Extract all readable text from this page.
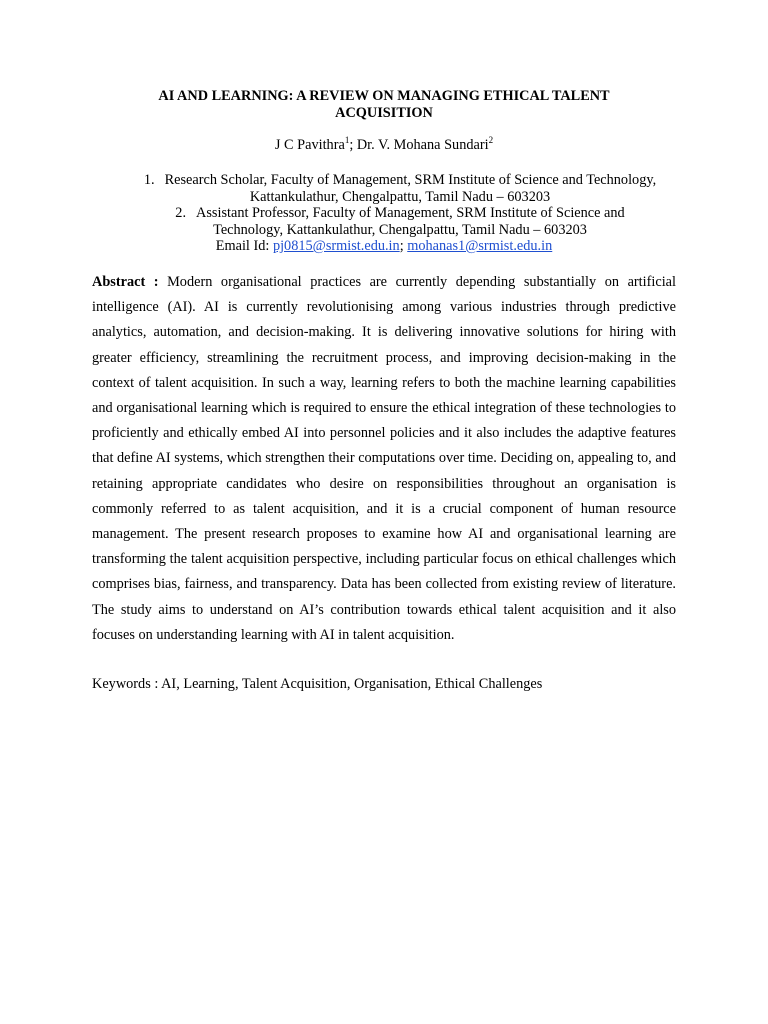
AI AND LEARNING: A REVIEW ON MANAGING ETHICAL TALENT
ACQUISITION
J C Pavithra$^1$; Dr. V. Mohana Sundari$^2$
1. Research Scholar, Faculty of Management, SRM Institute of Science and Technology,
Kattankulathur, Chengalpattu, Tamil Nadu – 603203
2. Assistant Professor, Faculty of Management, SRM Institute of Science and
Technology, Kattankulathur, Chengalpattu, Tamil Nadu – 603203
Email Id: pj0815@srmist.edu.in; mohanas1@srmist.edu.in

Abstract : Modern organisational practices are currently depending substantially on artificial intelligence (AI). AI is currently revolutionising among various industries through predictive analytics, automation, and decision-making. It is delivering innovative solutions for hiring with greater efficiency, streamlining the recruitment process, and improving decision-making in the context of talent acquisition. In such a way, learning refers to both the machine learning capabilities and organisational learning which is required to ensure the ethical integration of these technologies to proficiently and ethically embed AI into personnel policies and it also includes the adaptive features that define AI systems, which strengthen their computations over time. Deciding on, appealing to, and retaining appropriate candidates who desire on responsibilities throughout an organisation is commonly referred to as talent acquisition, and it is a crucial component of human resource management. The present research proposes to examine how AI and organisational learning are transforming the talent acquisition perspective, including particular focus on ethical challenges which comprises bias, fairness, and transparency. Data has been collected from existing review of literature. The study aims to understand on AI’s contribution towards ethical talent acquisition and it also focuses on understanding learning with AI in talent acquisition.

Keywords : AI, Learning, Talent Acquisition, Organisation, Ethical Challenges
